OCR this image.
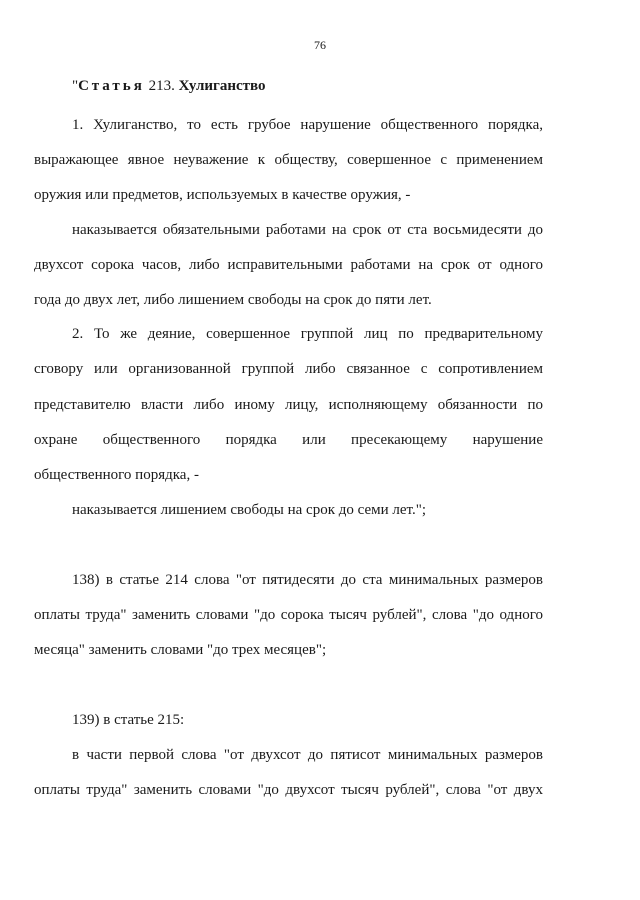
76
"Статья 213. Хулиганство
1. Хулиганство, то есть грубое нарушение общественного порядка,
выражающее явное неуважение к обществу, совершенное с применением
оружия или предметов, используемых в качестве оружия, -
наказывается обязательными работами на срок от ста восьмидесяти до
двухсот сорока часов, либо исправительными работами на срок от одного
года до двух лет, либо лишением свободы на срок до пяти лет.
2. То же деяние, совершенное группой лиц по предварительному
сговору или организованной группой либо связанное с сопротивлением
представителю власти либо иному лицу, исполняющему обязанности по
охране общественного порядка или пресекающему нарушение
общественного порядка, -
наказывается лишением свободы на срок до семи лет.";
138) в статье 214 слова "от пятидесяти до ста минимальных размеров
оплаты труда" заменить словами "до сорока тысяч рублей", слова "до одного
месяца" заменить словами "до трех месяцев";
139) в статье 215:
в части первой слова "от двухсот до пятисот минимальных размеров
оплаты труда" заменить словами "до двухсот тысяч рублей", слова "от двух
